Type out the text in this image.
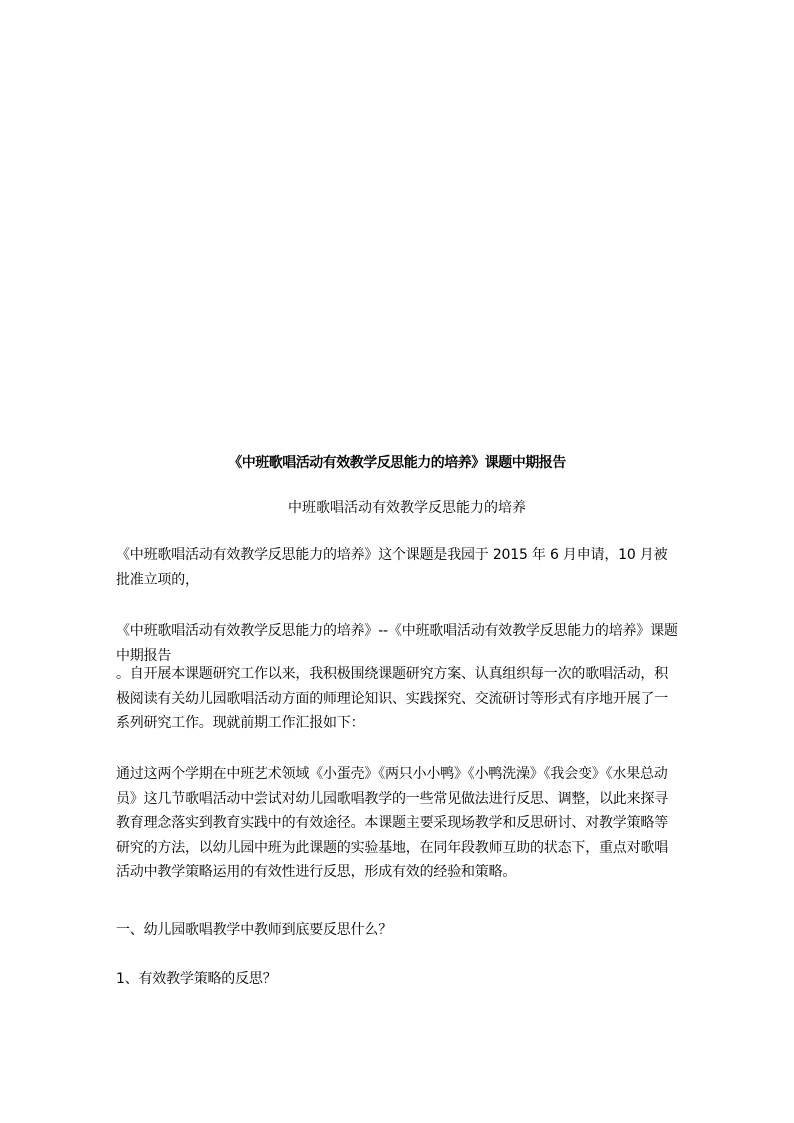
《中班歌唱活动有效教学反思能力的培养》课题中期报告
中班歌唱活动有效教学反思能力的培养

《中班歌唱活动有效教学反思能力的培养》这个课题是我园于 2015 年 6 月申请，10 月被批准立项的，

《中班歌唱活动有效教学反思能力的培养》--《中班歌唱活动有效教学反思能力的培养》课题中期报告

。自开展本课题研究工作以来，我积极围绕课题研究方案、认真组织每一次的歌唱活动，积极阅读有关幼儿园歌唱活动方面的师理论知识、实践探究、交流研讨等形式有序地开展了一系列研究工作。现就前期工作汇报如下：

通过这两个学期在中班艺术领域《小蛋壳》《两只小小鸭》《小鸭洗澡》《我会变》《水果总动员》这几节歌唱活动中尝试对幼儿园歌唱教学的一些常见做法进行反思、调整，以此来探寻教育理念落实到教育实践中的有效途径。本课题主要采现场教学和反思研讨、对教学策略等研究的方法，以幼儿园中班为此课题的实验基地，在同年段教师互助的状态下，重点对歌唱活动中教学策略运用的有效性进行反思，形成有效的经验和策略。

一、幼儿园歌唱教学中教师到底要反思什么？

1、有效教学策略的反思？
